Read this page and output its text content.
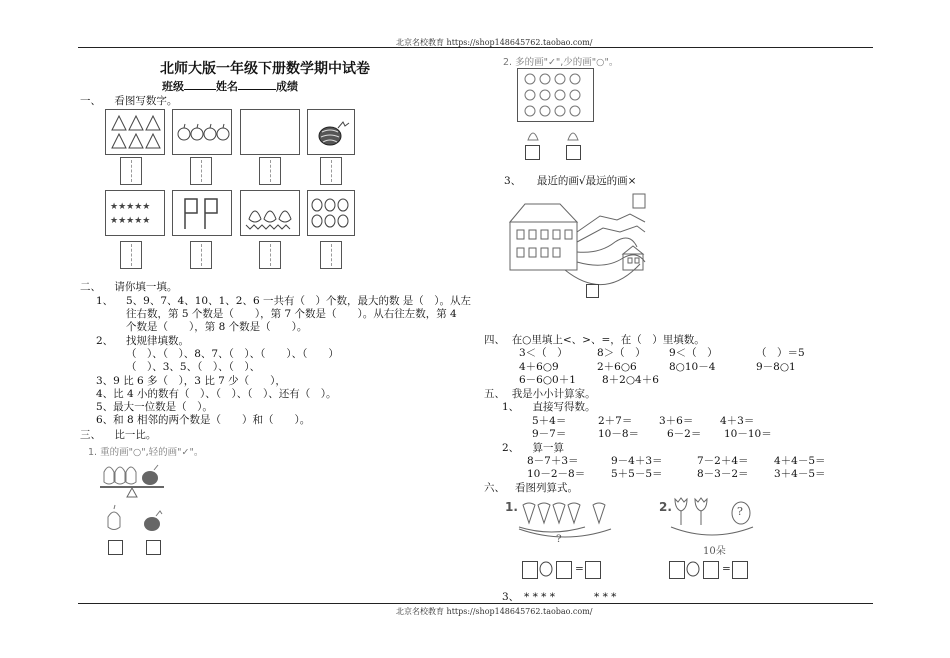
北京名校教育 https://shop148645762.taobao.com/
北师大版一年级下册数学期中试卷
班级	姓名	成绩
一、 看图写数字。
★★★★★
★★★★★
二、 请你填一填。
1、 5、9、7、4、10、1、2、6 一共有（　）个数，最大的数 是（　）。从左
往右数，第 5 个数是（　　），第 7 个数是（　　）。从右往左数，第 4
个数是（　　），第 8 个数是（　　）。
2、 找规律填数。
（　）、（　）、8、7、（　）、（　　）、（　　）
（　）、3、5、（　）、（　）、
3、9 比 6 多（　），3 比 7 少（　　），
4、比 4 小的数有（　）、（　）、（　）、还有（　）。
5、最大一位数是（　）。
6、和 8 相邻的两个数是（　　）和（　　）。
三、 比一比。
1. 重的画"○",轻的画"✓"。
2. 多的画"✓",少的画"○"。
3、　　最近的画√最远的画×
四、 在○里填上<、>、=，在（　）里填数。
3＜（　）	8＞（　） 9＜（　）	（　）＝5
4＋6○9	2＋6○6	8○10－4	9－8○1
6－6○0＋1 8＋2○4＋6
五、 我是小小计算家。
1、 直接写得数。
5＋4＝	2＋7＝	3＋6＝	4＋3＝
9－7＝	10－8＝	6－2＝ 10－10＝
2、 算一算
8－7＋3＝	9－4＋3＝	7－2＋4＝ 4＋4－5＝
10－2－8＝ 5＋5－5＝	8－3－2＝ 3＋4－5＝
六、 看图列算式。
1.
?
2.	?
10朵
=	=
3、 * * * *	* * *
北京名校教育 https://shop148645762.taobao.com/
